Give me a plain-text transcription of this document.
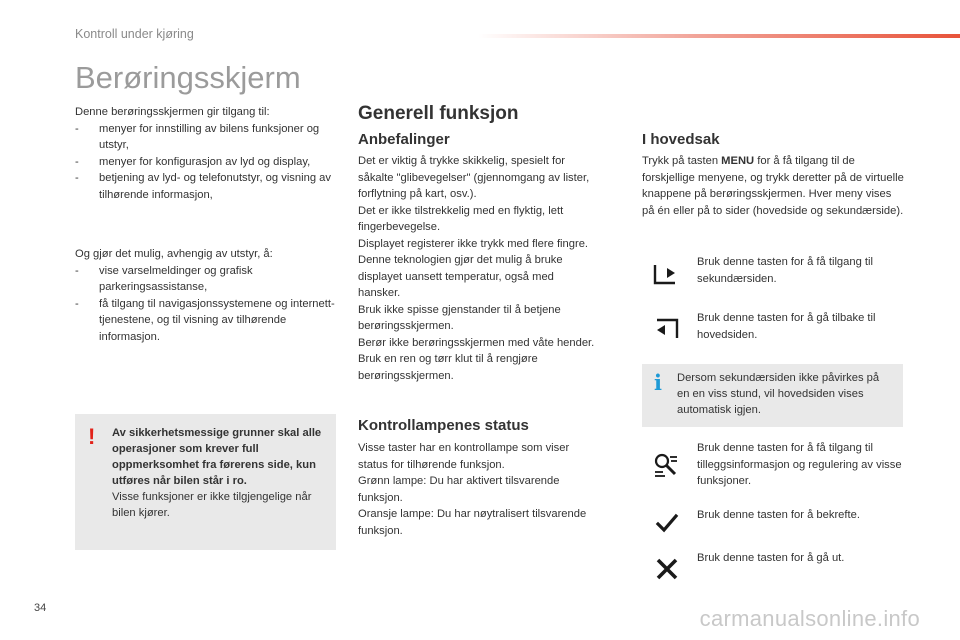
Kontroll under kjøring
Berøringsskjerm
Denne berøringsskjermen gir tilgang til:
- menyer for innstilling av bilens funksjoner og utstyr,
- menyer for konfigurasjon av lyd og display,
- betjening av lyd- og telefonutstyr, og visning av tilhørende informasjon,
Og gjør det mulig, avhengig av utstyr, å:
- vise varselmeldinger og grafisk parkeringsassistanse,
- få tilgang til navigasjonssystemene og internett-tjenestene, og til visning av tilhørende informasjon.
! Av sikkerhetsmessige grunner skal alle operasjoner som krever full oppmerksomhet fra førerens side, kun utføres når bilen står i ro.
Visse funksjoner er ikke tilgjengelige når bilen kjører.
Generell funksjon
Anbefalinger
Det er viktig å trykke skikkelig, spesielt for
såkalte "glibevegelser" (gjennomgang av lister,
forflytning på kart, osv.).
Det er ikke tilstrekkelig med en flyktig, lett
fingerbevegelse.
Displayet registerer ikke trykk med flere fingre.
Denne teknologien gjør det mulig å bruke
displayet uansett temperatur, også med
hansker.
Bruk ikke spisse gjenstander til å betjene
berøringsskjermen.
Berør ikke berøringsskjermen med våte hender.
Bruk en ren og tørr klut til å rengjøre
berøringsskjermen.
Kontrollampenes status
Visse taster har en kontrollampe som viser
status for tilhørende funksjon.
Grønn lampe: Du har aktivert tilsvarende
funksjon.
Oransje lampe: Du har nøytralisert tilsvarende
funksjon.
I hovedsak
Trykk på tasten MENU for å få tilgang til de forskjellige menyene, og trykk deretter på de virtuelle knappene på berøringsskjermen. Hver meny vises på én eller på to sider (hovedside og sekundærside).
Bruk denne tasten for å få tilgang til sekundærsiden.
Bruk denne tasten for å gå tilbake til hovedsiden.
i Dersom sekundærsiden ikke påvirkes på en en viss stund, vil hovedsiden vises automatisk igjen.
Bruk denne tasten for å få tilgang til tilleggsinformasjon og regulering av visse funksjoner.
Bruk denne tasten for å bekrefte.
Bruk denne tasten for å gå ut.
34	carmanualsonline.info
